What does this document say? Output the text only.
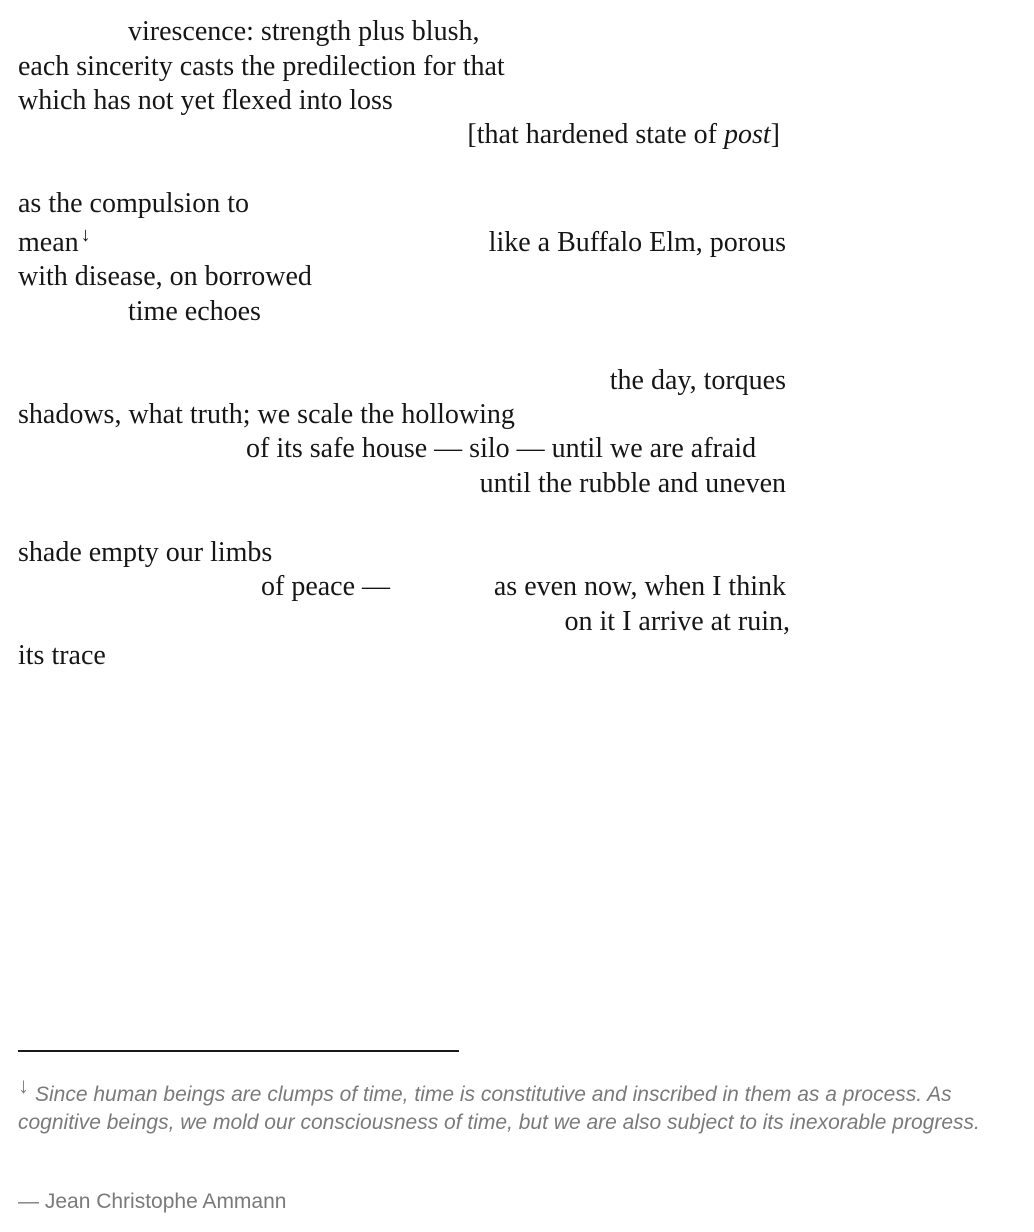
virescence: strength plus blush,
each sincerity casts the predilection for that
which has not yet flexed into loss
[that hardened state of post]
as the compulsion to
mean ↓	like a Buffalo Elm, porous
with disease, on borrowed
time echoes
the day, torques
shadows, what truth; we scale the hollowing
of its safe house — silo — until we are afraid
until the rubble and uneven
shade empty our limbs
of peace —	as even now, when I think
on it I arrive at ruin,
its trace
↓ Since human beings are clumps of time, time is constitutive and inscribed in them as a process. As cognitive beings, we mold our consciousness of time, but we are also subject to its inexorable progress.
— Jean Christophe Ammann
